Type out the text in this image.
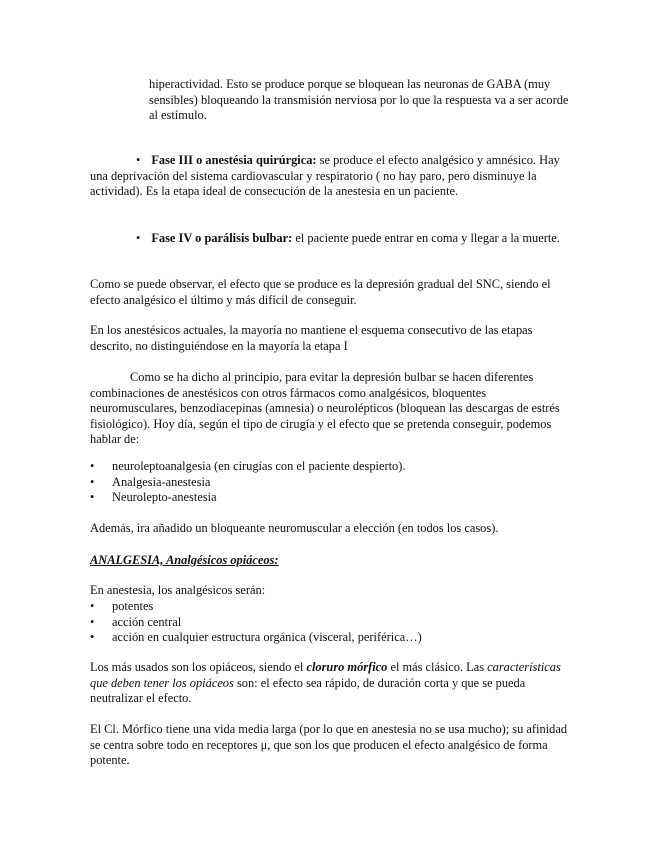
hiperactividad. Esto se produce porque se bloquean las neuronas de GABA (muy sensibles) bloqueando la transmisión nerviosa por lo que la respuesta va a ser acorde al estímulo.

• Fase III o anestésia quirúrgica: se produce el efecto analgésico y amnésico. Hay una deprivación del sistema cardiovascular y respiratorio ( no hay paro, pero disminuye la actividad). Es la etapa ideal de consecución de la anestesia en un paciente.

• Fase IV o parálisis bulbar: el paciente puede entrar en coma y llegar a la muerte.

Como se puede observar, el efecto que se produce es la depresión gradual del SNC, siendo el efecto analgésico el último y más difícil de conseguir.

En los anestésicos actuales, la mayoría no mantiene el esquema consecutivo de las etapas descrito, no distinguiéndose en la mayoría la etapa I

Como se ha dicho al principio, para evitar la depresión bulbar se hacen diferentes combinaciones de anestésicos con otros fármacos como analgésicos, bloquentes neuromusculares, benzodiacepinas (amnesia) o neurolépticos (bloquean las descargas de estrés fisiológico). Hoy día, según el tipo de cirugía y el efecto que se pretenda conseguir, podemos hablar de:

• neuroleptoanalgesia (en cirugías con el paciente despierto).

• Analgesia-anestesia

• Neurolepto-anestesia

Además, ira añadido un bloqueante neuromuscular a elección (en todos los casos).

ANALGESIA, Analgésicos opiáceos:

En anestesia, los analgésicos serán:

• potentes

• acción central

• acción en cualquier estructura orgánica (visceral, periférica…)

Los más usados son los opiáceos, siendo el cloruro mórfico el más clásico. Las características que deben tener los opiáceos son: el efecto sea rápido, de duración corta y que se pueda neutralizar el efecto.

El Cl. Mórfico tiene una vida media larga (por lo que en anestesia no se usa mucho); su afinidad se centra sobre todo en receptores μ, que son los que producen el efecto analgésico de forma potente.
